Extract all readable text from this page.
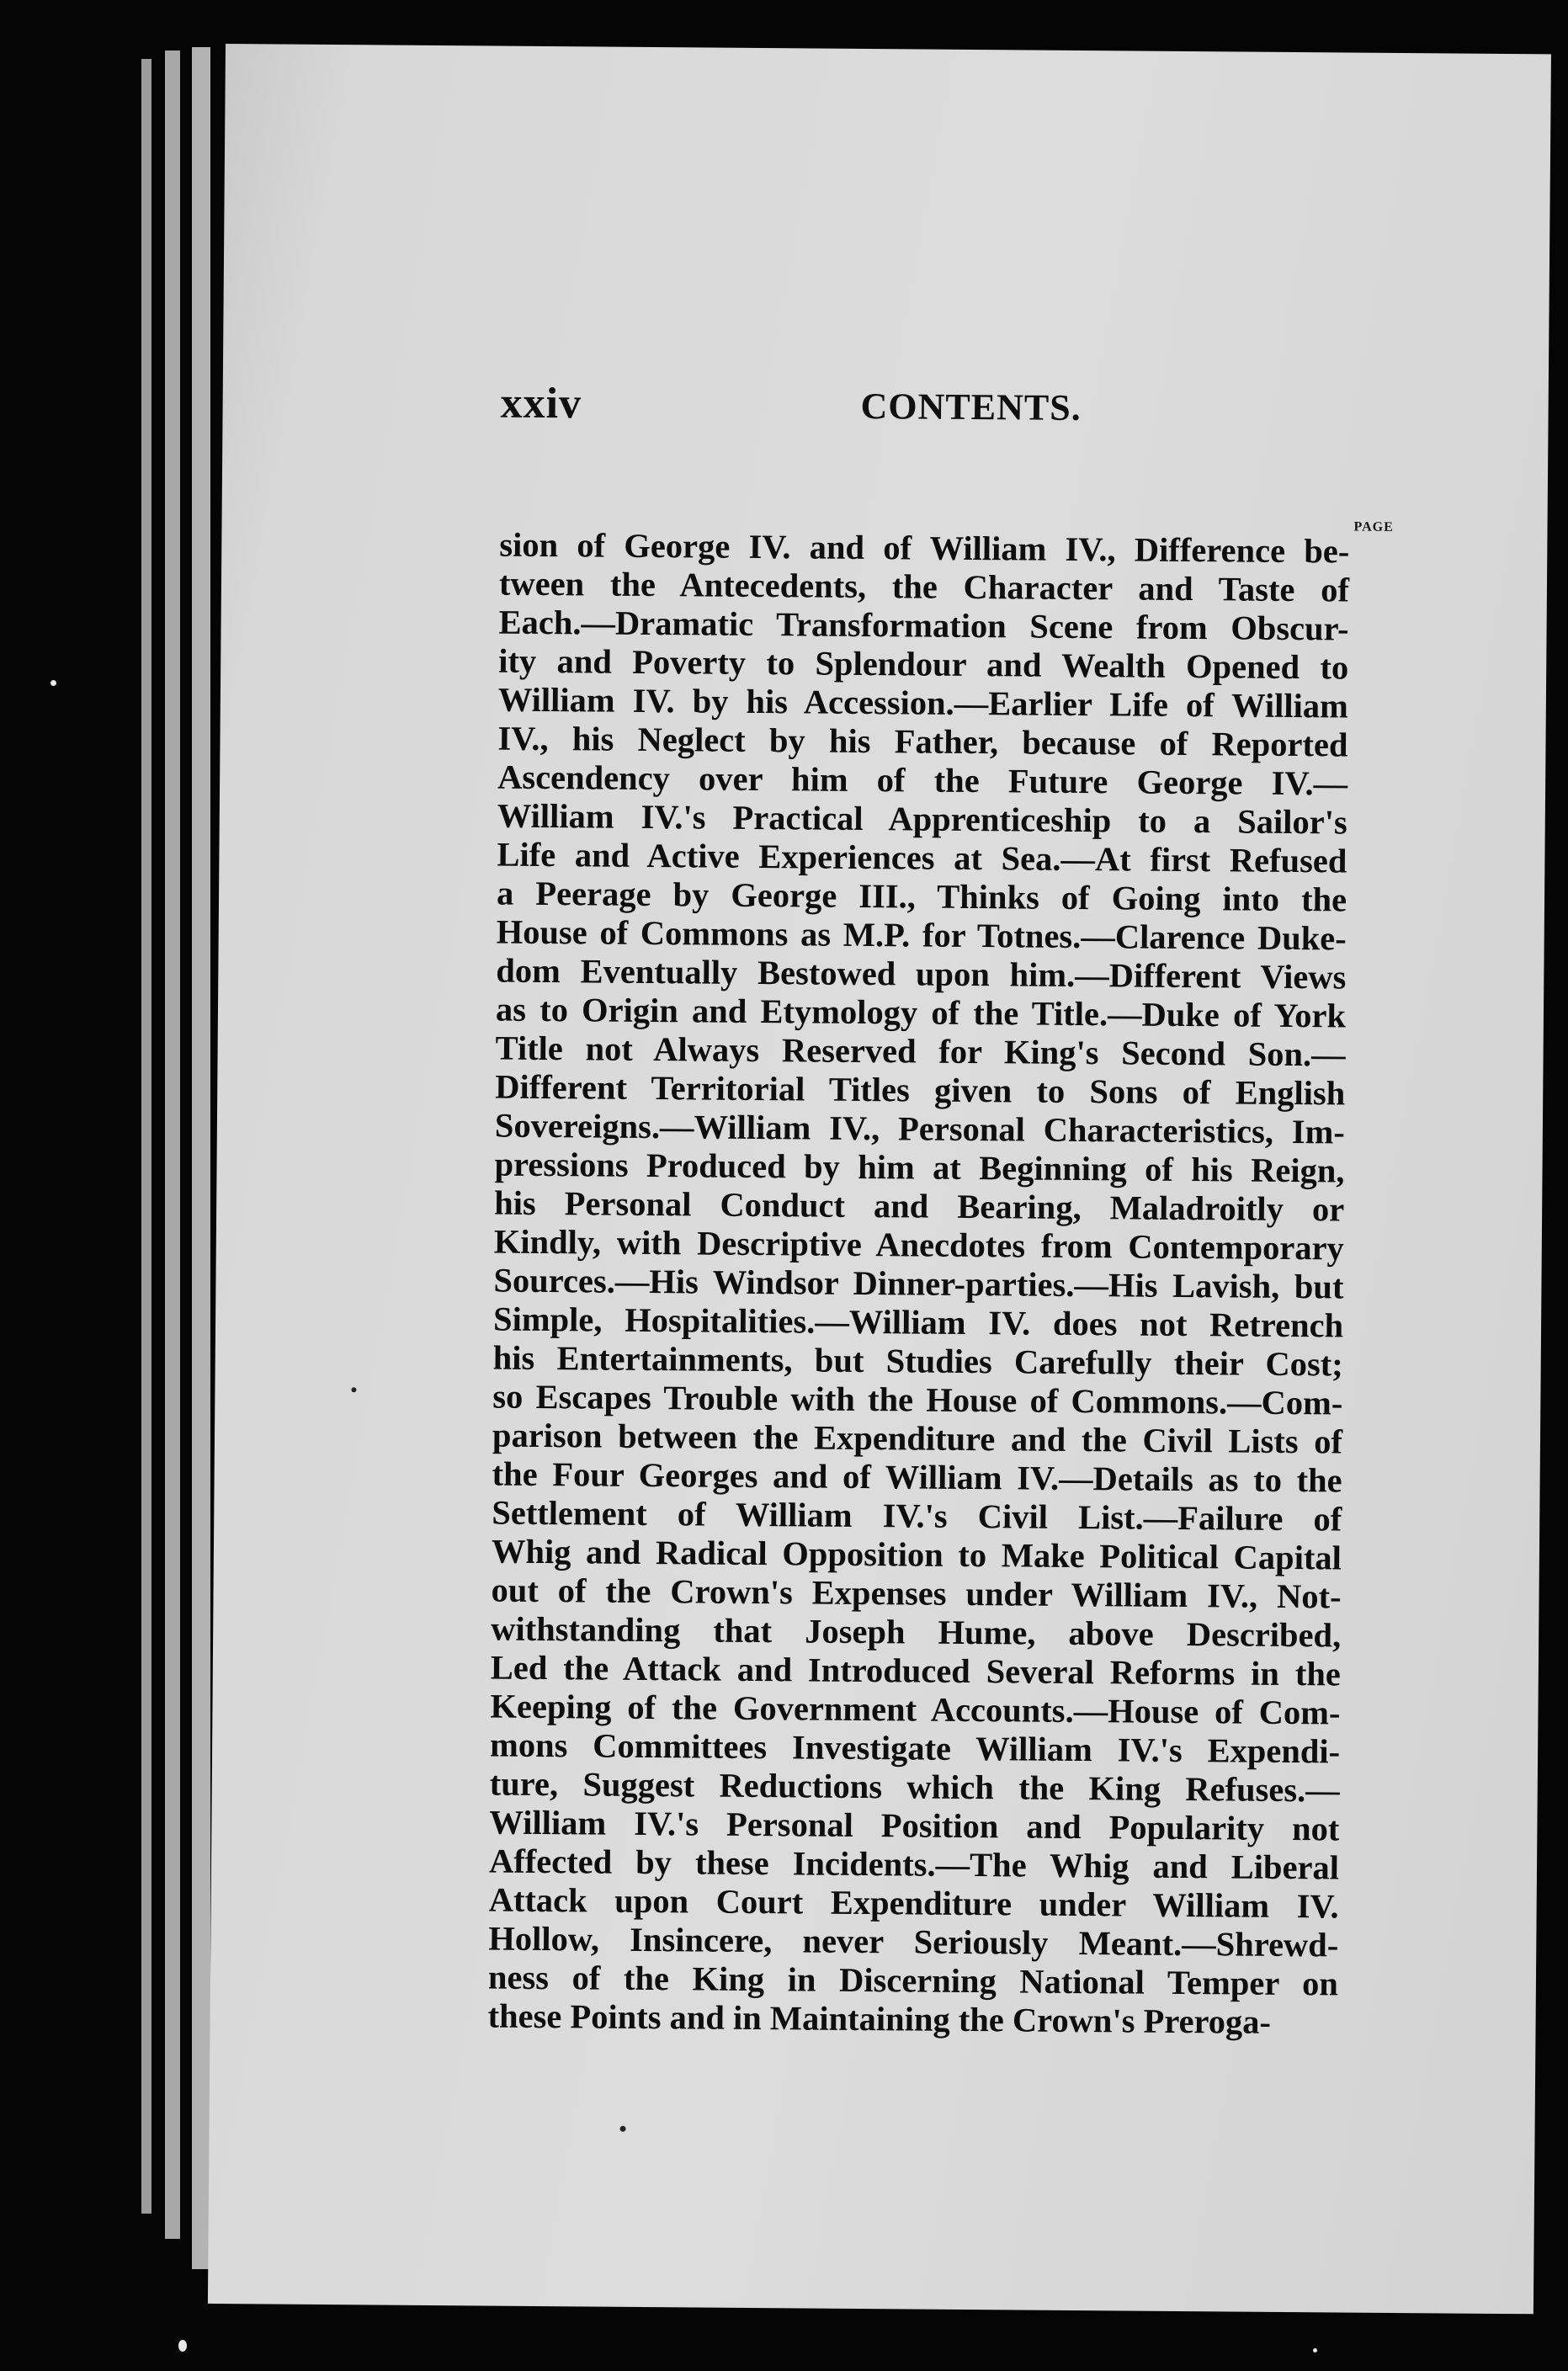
xxiv	CONTENTS.
PAGE
sion of George IV. and of William IV., Difference be-
tween the Antecedents, the Character and Taste of
Each.—Dramatic Transformation Scene from Obscur-
ity and Poverty to Splendour and Wealth Opened to
William IV. by his Accession.—Earlier Life of William
IV., his Neglect by his Father, because of Reported
Ascendency over him of the Future George IV.—
William IV.'s Practical Apprenticeship to a Sailor's
Life and Active Experiences at Sea.—At first Refused
a Peerage by George III., Thinks of Going into the
House of Commons as M.P. for Totnes.—Clarence Duke-
dom Eventually Bestowed upon him.—Different Views
as to Origin and Etymology of the Title.—Duke of York
Title not Always Reserved for King's Second Son.—
Different Territorial Titles given to Sons of English
Sovereigns.—William IV., Personal Characteristics, Im-
pressions Produced by him at Beginning of his Reign,
his Personal Conduct and Bearing, Maladroitly or
Kindly, with Descriptive Anecdotes from Contemporary
Sources.—His Windsor Dinner-parties.—His Lavish, but
Simple, Hospitalities.—William IV. does not Retrench
his Entertainments, but Studies Carefully their Cost;
so Escapes Trouble with the House of Commons.—Com-
parison between the Expenditure and the Civil Lists of
the Four Georges and of William IV.—Details as to the
Settlement of William IV.'s Civil List.—Failure of
Whig and Radical Opposition to Make Political Capital
out of the Crown's Expenses under William IV., Not-
withstanding that Joseph Hume, above Described,
Led the Attack and Introduced Several Reforms in the
Keeping of the Government Accounts.—House of Com-
mons Committees Investigate William IV.'s Expendi-
ture, Suggest Reductions which the King Refuses.—
William IV.'s Personal Position and Popularity not
Affected by these Incidents.—The Whig and Liberal
Attack upon Court Expenditure under William IV.
Hollow, Insincere, never Seriously Meant.—Shrewd-
ness of the King in Discerning National Temper on
these Points and in Maintaining the Crown's Preroga-
